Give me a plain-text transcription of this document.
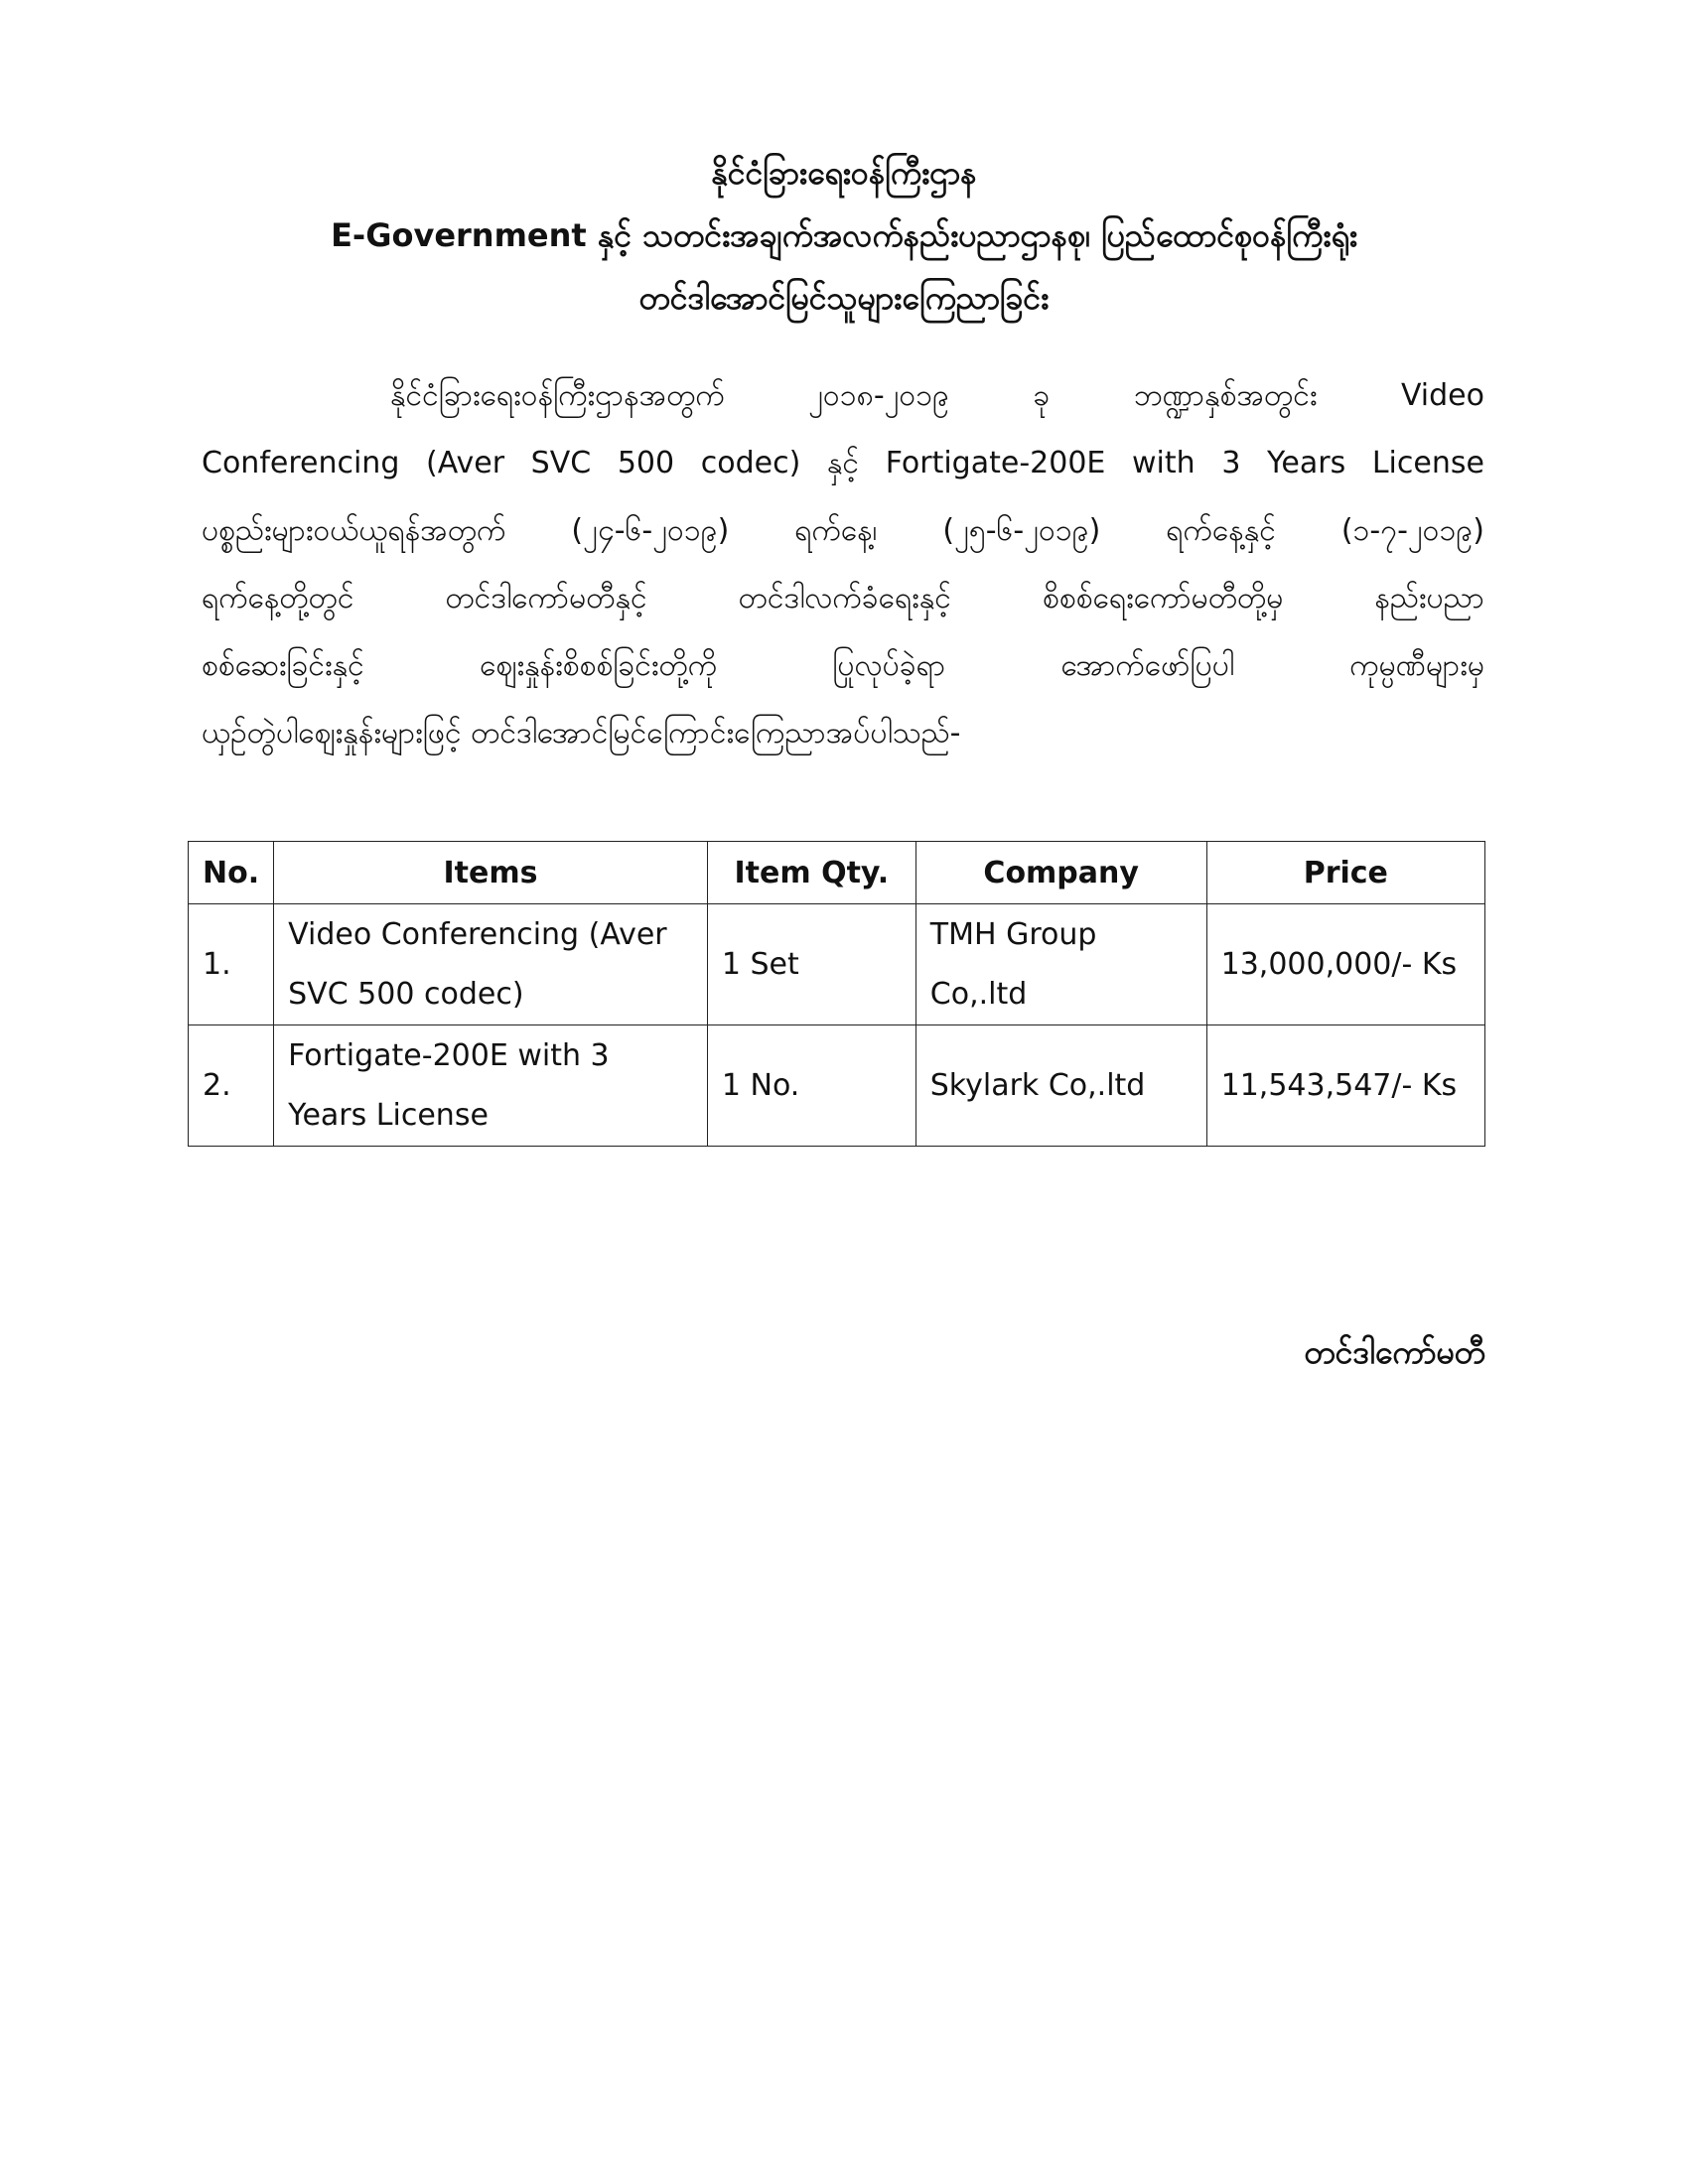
နိုင်ငံခြားရေးဝန်ကြီးဌာန
E-Government နှင့် သတင်းအချက်အလက်နည်းပညာဌာနစု၊ ပြည်ထောင်စုဝန်ကြီးရုံး
တင်ဒါအောင်မြင်သူများကြေညာခြင်း
နိုင်ငံခြားရေးဝန်ကြီးဌာနအတွက်	၂၀၁၈-၂၀၁၉	ခု	ဘဏ္ဍာနှစ်အတွင်း	Video
Conferencing (Aver SVC 500 codec) နှင့် Fortigate-200E with 3 Years License
ပစ္စည်းများဝယ်ယူရန်အတွက် (၂၄-၆-၂၀၁၉) ရက်နေ့၊ (၂၅-၆-၂၀၁၉) ရက်နေ့နှင့် (၁-၇-၂၀၁၉)
ရက်နေ့တို့တွင်	တင်ဒါကော်မတီနှင့်	တင်ဒါလက်ခံရေးနှင့်	စိစစ်ရေးကော်မတီတို့မှ	နည်းပညာ
စစ်ဆေးခြင်းနှင့်	ဈေးနှုန်းစိစစ်ခြင်းတို့ကို	ပြုလုပ်ခဲ့ရာ	အောက်ဖော်ပြပါ	ကုမ္ပဏီများမှ
ယှဉ်တွဲပါဈေးနှုန်းများဖြင့် တင်ဒါအောင်မြင်ကြောင်းကြေညာအပ်ပါသည်-
No.	Items	Item Qty.	Company	Price
1.	Video Conferencing (Aver SVC 500 codec)	1 Set	TMH Group Co,.ltd	13,000,000/- Ks
2.	Fortigate-200E with 3 Years License	1 No.	Skylark Co,.ltd	11,543,547/- Ks
တင်ဒါကော်မတီ
